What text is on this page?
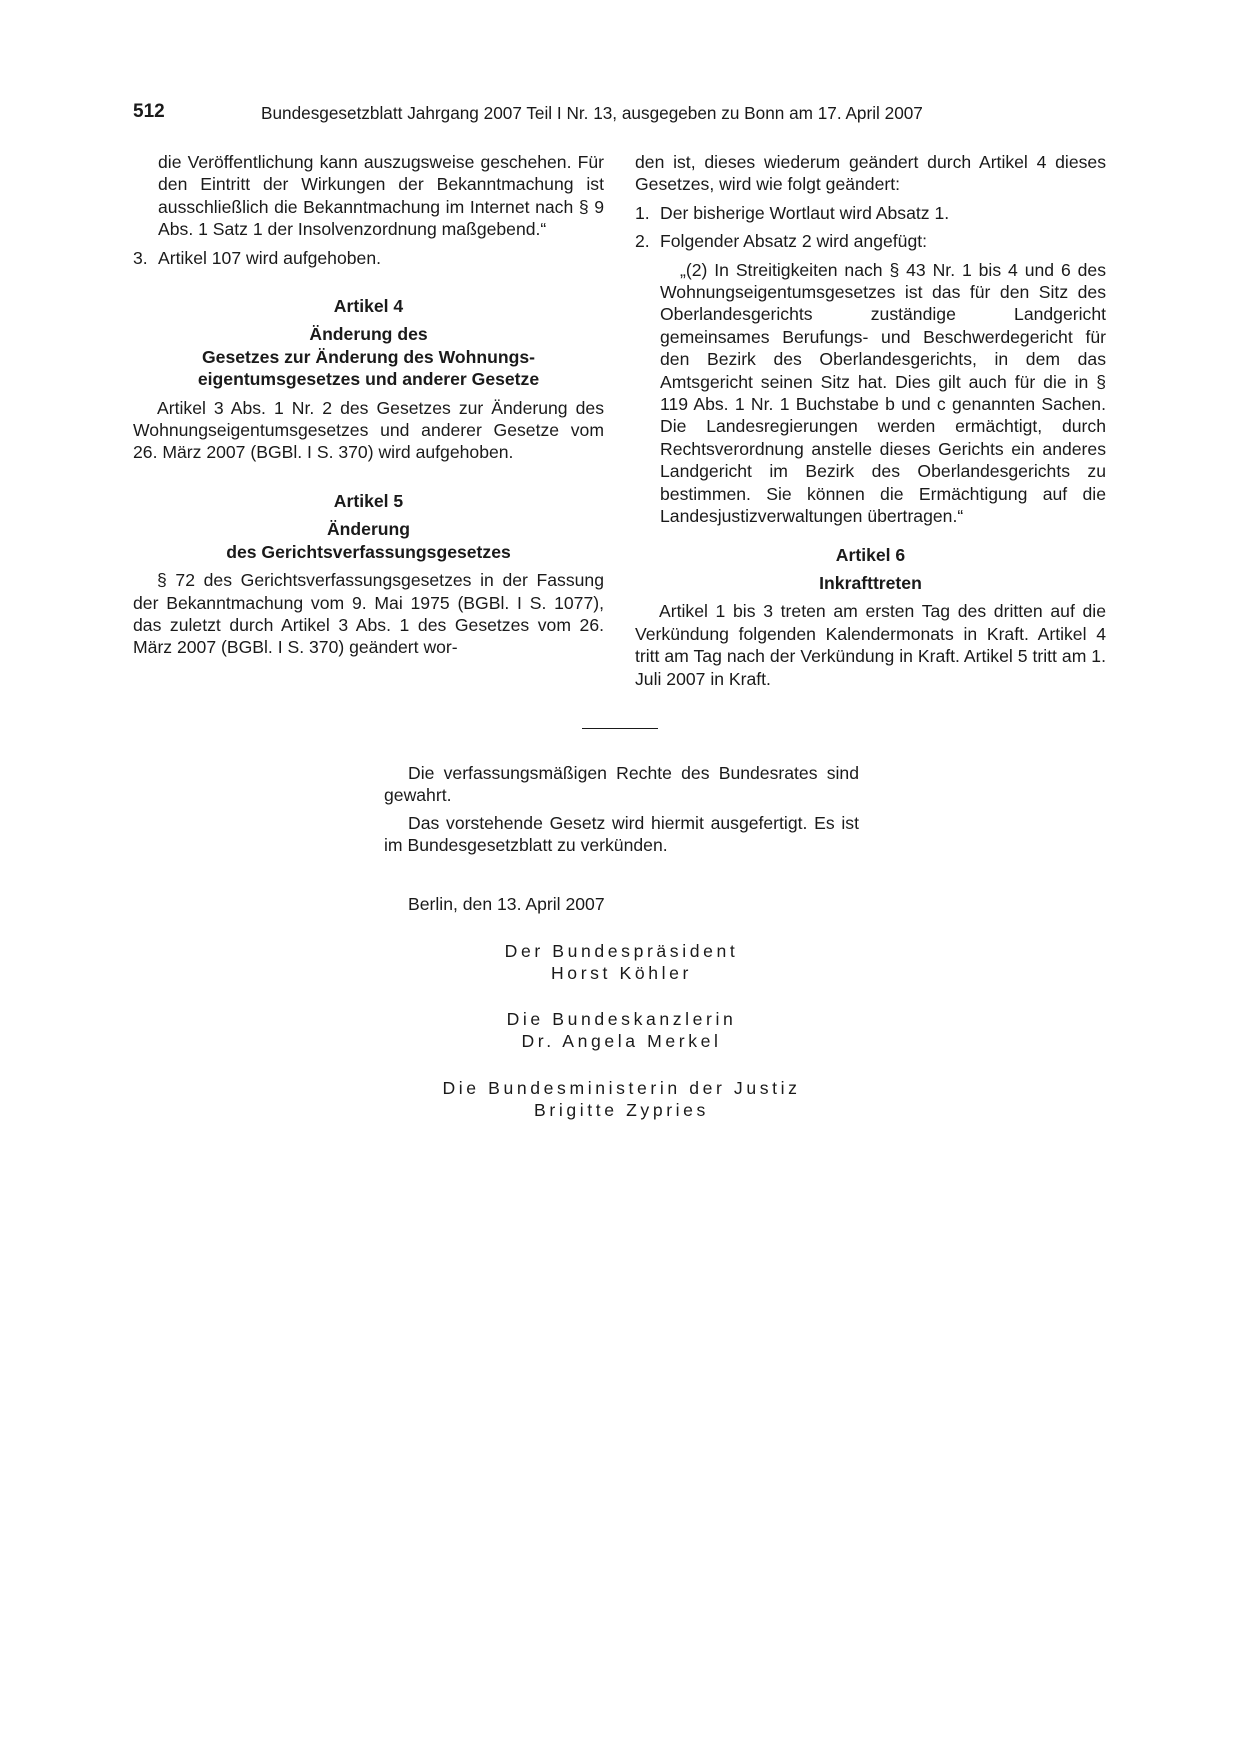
512	Bundesgesetzblatt Jahrgang 2007 Teil I Nr. 13, ausgegeben zu Bonn am 17. April 2007

die Veröffentlichung kann auszugsweise geschehen. Für den Eintritt der Wirkungen der Bekanntmachung ist ausschließlich die Bekanntmachung im Internet nach § 9 Abs. 1 Satz 1 der Insolvenzordnung maßgebend.“

3. Artikel 107 wird aufgehoben.

Artikel 4

Änderung des

Gesetzes zur Änderung des Wohnungs-

eigentumsgesetzes und anderer Gesetze

Artikel 3 Abs. 1 Nr. 2 des Gesetzes zur Änderung des Wohnungseigentumsgesetzes und anderer Gesetze vom 26. März 2007 (BGBl. I S. 370) wird aufgehoben.

Artikel 5

Änderung

des Gerichtsverfassungsgesetzes

§ 72 des Gerichtsverfassungsgesetzes in der Fassung der Bekanntmachung vom 9. Mai 1975 (BGBl. I S. 1077), das zuletzt durch Artikel 3 Abs. 1 des Gesetzes vom 26. März 2007 (BGBl. I S. 370) geändert wor-

den ist, dieses wiederum geändert durch Artikel 4 dieses Gesetzes, wird wie folgt geändert:

1. Der bisherige Wortlaut wird Absatz 1.
2. Folgender Absatz 2 wird angefügt:

„(2) In Streitigkeiten nach § 43 Nr. 1 bis 4 und 6 des Wohnungseigentumsgesetzes ist das für den Sitz des Oberlandesgerichts zuständige Landgericht gemeinsames Berufungs- und Beschwerdegericht für den Bezirk des Oberlandesgerichts, in dem das Amtsgericht seinen Sitz hat. Dies gilt auch für die in § 119 Abs. 1 Nr. 1 Buchstabe b und c genannten Sachen. Die Landesregierungen werden ermächtigt, durch Rechtsverordnung anstelle dieses Gerichts ein anderes Landgericht im Bezirk des Oberlandesgerichts zu bestimmen. Sie können die Ermächtigung auf die Landesjustizverwaltungen übertragen.“

Artikel 6

Inkrafttreten

Artikel 1 bis 3 treten am ersten Tag des dritten auf die Verkündung folgenden Kalendermonats in Kraft. Artikel 4 tritt am Tag nach der Verkündung in Kraft. Artikel 5 tritt am 1. Juli 2007 in Kraft.

Die verfassungsmäßigen Rechte des Bundesrates sind gewahrt.

Das vorstehende Gesetz wird hiermit ausgefertigt. Es ist im Bundesgesetzblatt zu verkünden.

Berlin, den 13. April 2007

Der Bundespräsident

Horst Köhler

Die Bundeskanzlerin

Dr. Angela Merkel

Die Bundesministerin der Justiz

Brigitte Zypries
